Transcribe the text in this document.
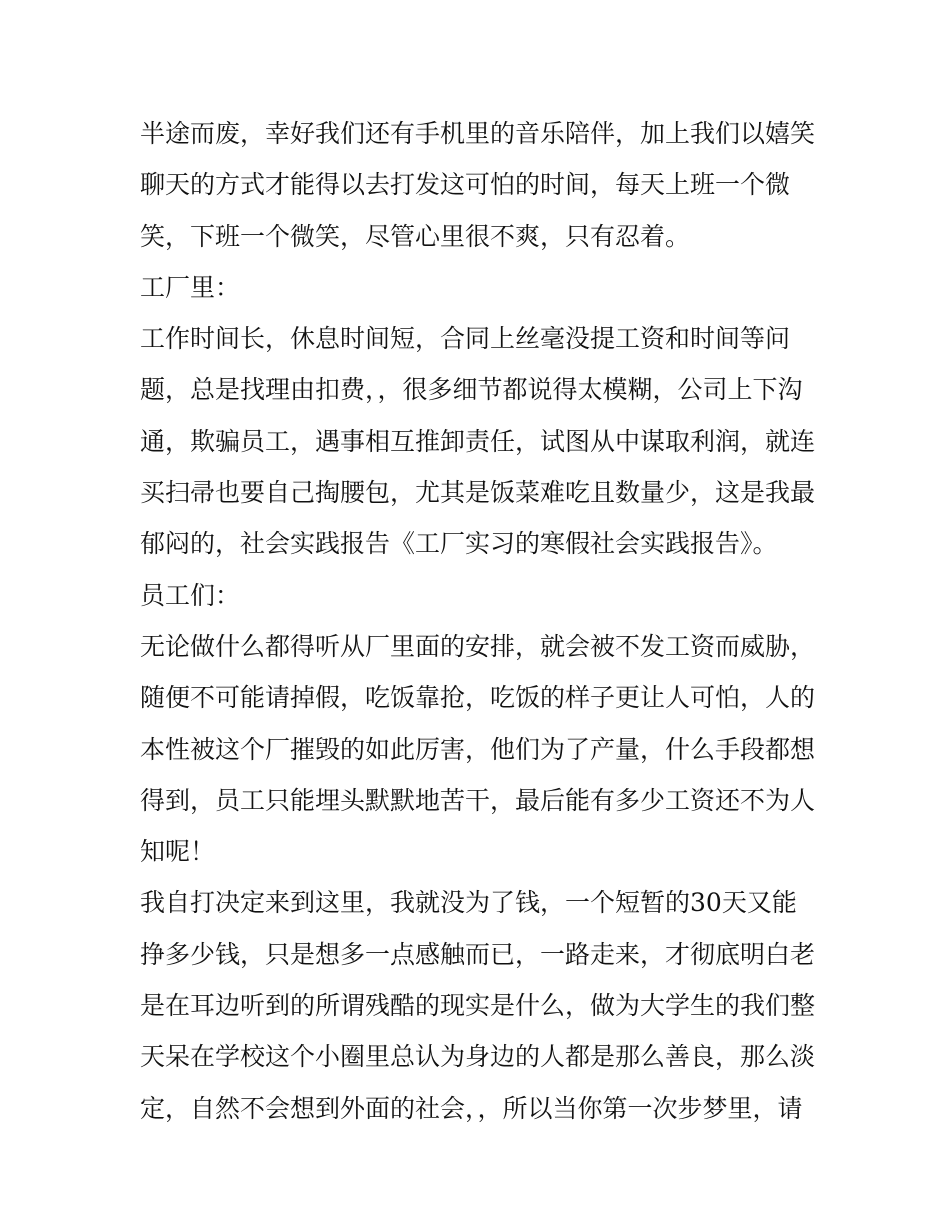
半途而废，幸好我们还有手机里的音乐陪伴，加上我们以嬉笑
聊天的方式才能得以去打发这可怕的时间，每天上班一个微
笑，下班一个微笑，尽管心里很不爽，只有忍着。
工厂里：
工作时间长，休息时间短，合同上丝毫没提工资和时间等问
题，总是找理由扣费，，很多细节都说得太模糊，公司上下沟
通，欺骗员工，遇事相互推卸责任，试图从中谋取利润，就连
买扫帚也要自己掏腰包，尤其是饭菜难吃且数量少，这是我最
郁闷的，社会实践报告《工厂实习的寒假社会实践报告》。
员工们：
无论做什么都得听从厂里面的安排，就会被不发工资而威胁，
随便不可能请掉假，吃饭靠抢，吃饭的样子更让人可怕，人的
本性被这个厂摧毁的如此厉害，他们为了产量，什么手段都想
得到，员工只能埋头默默地苦干，最后能有多少工资还不为人
知呢！
我自打决定来到这里，我就没为了钱，一个短暂的30天又能
挣多少钱，只是想多一点感触而已，一路走来，才彻底明白老
是在耳边听到的所谓残酷的现实是什么，做为大学生的我们整
天呆在学校这个小圈里总认为身边的人都是那么善良，那么淡
定，自然不会想到外面的社会，，所以当你第一次步梦里，请
